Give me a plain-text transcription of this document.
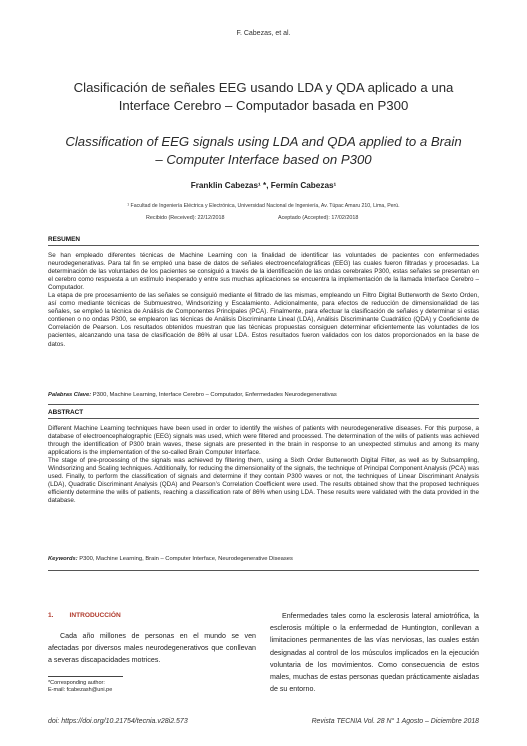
F. Cabezas, et al.
Clasificación de señales EEG usando LDA y QDA aplicado a una Interface Cerebro – Computador basada en P300
Classification of EEG signals using LDA and QDA applied to a Brain – Computer Interface based on P300
Franklin Cabezas¹ *, Fermín Cabezas¹
¹ Facultad de Ingeniería Eléctrica y Electrónica, Universidad Nacional de Ingeniería, Av. Túpac Amaru 210, Lima, Perú.
Recibido (Received): 22/12/2018	Aceptado (Accepted): 17/02/2018
RESUMEN

Se han empleado diferentes técnicas de Machine Learning con la finalidad de identificar las voluntades de pacientes con enfermedades neurodegenerativas. Para tal fin se empleó una base de datos de señales electroencefalográficas (EEG) las cuales fueron filtradas y procesadas. La determinación de las voluntades de los pacientes se consiguió a través de la identificación de las ondas cerebrales P300, estas señales se presentan en el cerebro como respuesta a un estímulo inesperado y entre sus muchas aplicaciones se encuentra la implementación de la llamada Interface Cerebro – Computador.

La etapa de pre procesamiento de las señales se consiguió mediante el filtrado de las mismas, empleando un Filtro Digital Butterworth de Sexto Orden, así como mediante técnicas de Submuestreo, Windsorizing y Escalamiento. Adicionalmente, para efectos de reducción de dimensionalidad de las señales, se empleó la técnica de Análisis de Componentes Principales (PCA). Finalmente, para efectuar la clasificación de señales y determinar si estas contienen o no ondas P300, se emplearon las técnicas de Análisis Discriminante Lineal (LDA), Análisis Discriminante Cuadrático (QDA) y Coeficiente de Correlación de Pearson. Los resultados obtenidos muestran que las técnicas propuestas consiguen determinar eficientemente las voluntades de los pacientes, alcanzando una tasa de clasificación de 86% al usar LDA. Estos resultados fueron validados con los datos proporcionados en la base de datos.

Palabras Clave: P300, Machine Learning, Interface Cerebro – Computador, Enfermedades Neurodegenerativas
ABSTRACT

Different Machine Learning techniques have been used in order to identify the wishes of patients with neurodegenerative diseases. For this purpose, a database of electroencephalographic (EEG) signals was used, which were filtered and processed. The determination of the wills of patients was achieved through the identification of P300 brain waves, these signals are presented in the brain in response to an unexpected stimulus and among its many applications is the implementation of the so-called Brain Computer Interface.

The stage of pre-processing of the signals was achieved by filtering them, using a Sixth Order Butterworth Digital Filter, as well as by Subsampling, Windsorizing and Scaling techniques. Additionally, for reducing the dimensionality of the signals, the technique of Principal Component Analysis (PCA) was used. Finally, to perform the classification of signals and determine if they contain P300 waves or not, the techniques of Linear Discriminant Analysis (LDA), Quadratic Discriminant Analysis (QDA) and Pearson’s Correlation Coefficient were used. The results obtained show that the proposed techniques efficiently determine the wills of patients, reaching a classification rate of 86% when using LDA. These results were validated with the data provided in the database.

Keywords: P300, Machine Learning, Brain – Computer Interface, Neurodegenerative Diseases
1. INTRODUCCIÓN

Cada año millones de personas en el mundo se ven afectadas por diversos males neurodegenerativos que conllevan a severas discapacidades motrices.

*Corresponding author:
E-mail: fcabezash@uni.pe

Enfermedades tales como la esclerosis lateral amiotrófica, la esclerosis múltiple o la enfermedad de Huntington, conllevan a limitaciones permanentes de las vías nerviosas, las cuales están designadas al control de los músculos implicados en la ejecución voluntaria de los movimientos. Como consecuencia de estos males, muchas de estas personas quedan prácticamente aisladas de su entorno.

doi: https://doi.org/10.21754/tecnia.v28i2.573	Revista TECNIA Vol. 28 N° 1 Agosto – Diciembre 2018
